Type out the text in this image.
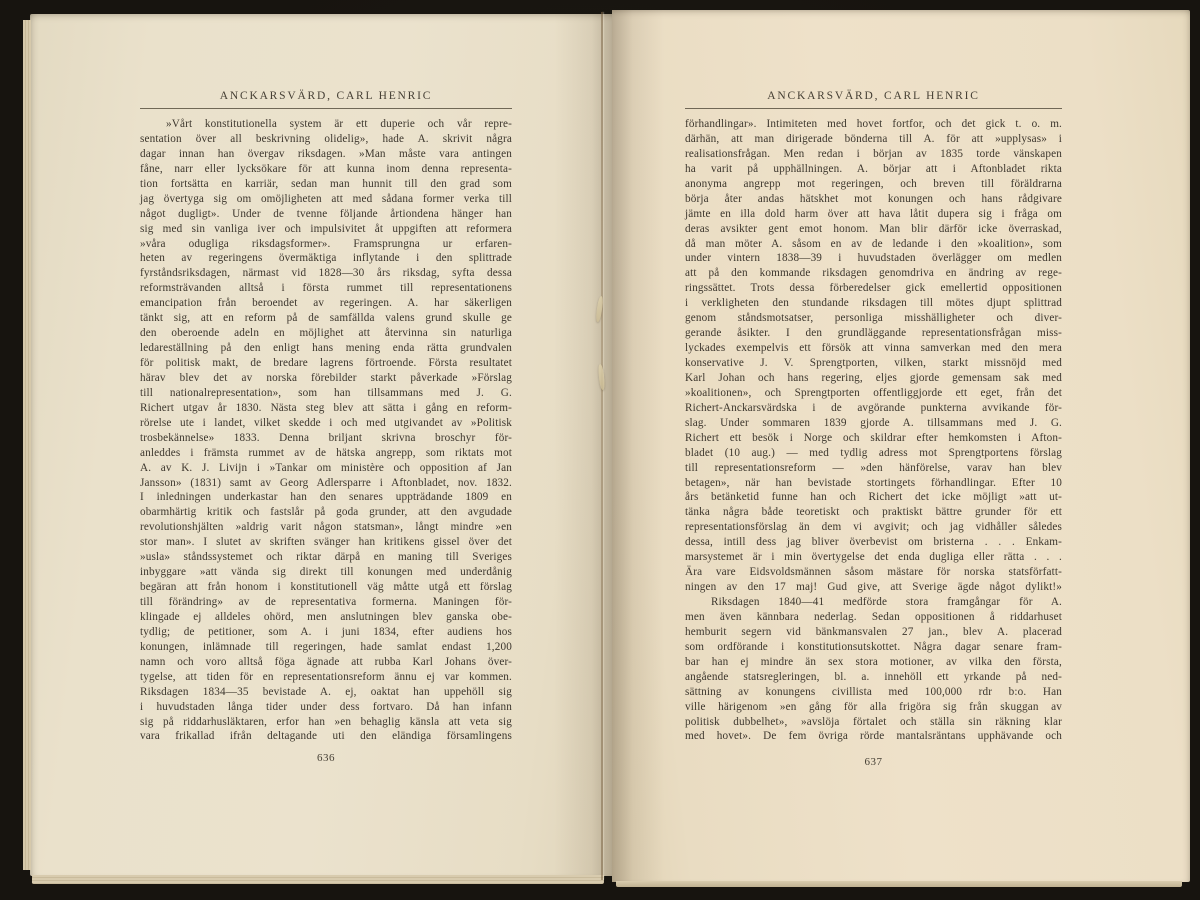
ANCKARSVÄRD, CARL HENRIC
»Vårt konstitutionella system är ett duperie och vår repre-
sentation över all beskrivning olidelig», hade A. skrivit några
dagar innan han övergav riksdagen. »Man måste vara antingen
fåne, narr eller lycksökare för att kunna inom denna representa-
tion fortsätta en karriär, sedan man hunnit till den grad som
jag övertyga sig om omöjligheten att med sådana former verka till
något dugligt». Under de tvenne följande årtiondena hänger han
sig med sin vanliga iver och impulsivitet åt uppgiften att reformera
»våra odugliga riksdagsformer». Framsprungna ur erfaren-
heten av regeringens övermäktiga inflytande i den splittrade
fyrståndsriksdagen, närmast vid 1828—30 års riksdag, syfta dessa
reformsträvanden alltså i första rummet till representationens
emancipation från beroendet av regeringen. A. har säkerligen
tänkt sig, att en reform på de samfällda valens grund skulle ge
den oberoende adeln en möjlighet att återvinna sin naturliga
ledareställning på den enligt hans mening enda rätta grundvalen
för politisk makt, de bredare lagrens förtroende. Första resultatet
härav blev det av norska förebilder starkt påverkade »Förslag
till nationalrepresentation», som han tillsammans med J. G.
Richert utgav år 1830. Nästa steg blev att sätta i gång en reform-
rörelse ute i landet, vilket skedde i och med utgivandet av »Politisk
trosbekännelse» 1833. Denna briljant skrivna broschyr för-
anleddes i främsta rummet av de hätska angrepp, som riktats mot
A. av K. J. Livijn i »Tankar om ministère och opposition af Jan
Jansson» (1831) samt av Georg Adlersparre i Aftonbladet, nov. 1832.
I inledningen underkastar han den senares uppträdande 1809 en
obarmhärtig kritik och fastslår på goda grunder, att den avgudade
revolutionshjälten »aldrig varit någon statsman», långt mindre »en
stor man». I slutet av skriften svänger han kritikens gissel över det
»usla» ståndssystemet och riktar därpå en maning till Sveriges
inbyggare »att vända sig direkt till konungen med underdånig
begäran att från honom i konstitutionell väg måtte utgå ett förslag
till förändring» av de representativa formerna. Maningen för-
klingade ej alldeles ohörd, men anslutningen blev ganska obe-
tydlig; de petitioner, som A. i juni 1834, efter audiens hos
konungen, inlämnade till regeringen, hade samlat endast 1,200
namn och voro alltså föga ägnade att rubba Karl Johans över-
tygelse, att tiden för en representationsreform ännu ej var kommen.
Riksdagen 1834—35 bevistade A. ej, oaktat han uppehöll sig
i huvudstaden långa tider under dess fortvaro. Då han infann
sig på riddarhusläktaren, erfor han »en behaglig känsla att veta sig
vara frikallad ifrån deltagande uti den eländiga församlingens
636
ANCKARSVÄRD, CARL HENRIC
förhandlingar». Intimiteten med hovet fortfor, och det gick t. o. m.
därhän, att man dirigerade bönderna till A. för att »upplysas» i
realisationsfrågan. Men redan i början av 1835 torde vänskapen
ha varit på upphällningen. A. börjar att i Aftonbladet rikta
anonyma angrepp mot regeringen, och breven till föräldrarna
börja åter andas hätskhet mot konungen och hans rådgivare
jämte en illa dold harm över att hava låtit dupera sig i fråga om
deras avsikter gent emot honom. Man blir därför icke överraskad,
då man möter A. såsom en av de ledande i den »koalition», som
under vintern 1838—39 i huvudstaden överlägger om medlen
att på den kommande riksdagen genomdriva en ändring av rege-
ringssättet. Trots dessa förberedelser gick emellertid oppositionen
i verkligheten den stundande riksdagen till mötes djupt splittrad
genom ståndsmotsatser, personliga misshälligheter och diver-
gerande åsikter. I den grundläggande representationsfrågan miss-
lyckades exempelvis ett försök att vinna samverkan med den mera
konservative J. V. Sprengtporten, vilken, starkt missnöjd med
Karl Johan och hans regering, eljes gjorde gemensam sak med
»koalitionen», och Sprengtporten offentliggjorde ett eget, från det
Richert-Anckarsvärdska i de avgörande punkterna avvikande för-
slag. Under sommaren 1839 gjorde A. tillsammans med J. G.
Richert ett besök i Norge och skildrar efter hemkomsten i Afton-
bladet (10 aug.) — med tydlig adress mot Sprengtportens förslag
till representationsreform — »den hänförelse, varav han blev
betagen», när han bevistade stortingets förhandlingar. Efter 10
års betänketid funne han och Richert det icke möjligt »att ut-
tänka några både teoretiskt och praktiskt bättre grunder för ett
representationsförslag än dem vi avgivit; och jag vidhåller således
dessa, intill dess jag bliver överbevist om bristerna . . . Enkam-
marsystemet är i min övertygelse det enda dugliga eller rätta . . .
Ära vare Eidsvoldsmännen såsom mästare för norska statsförfatt-
ningen av den 17 maj! Gud give, att Sverige ägde något dylikt!»
Riksdagen 1840—41 medförde stora framgångar för A.
men även kännbara nederlag. Sedan oppositionen å riddarhuset
hemburit segern vid bänkmansvalen 27 jan., blev A. placerad
som ordförande i konstitutionsutskottet. Några dagar senare fram-
bar han ej mindre än sex stora motioner, av vilka den första,
angående statsregleringen, bl. a. innehöll ett yrkande på ned-
sättning av konungens civillista med 100,000 rdr b:o. Han
ville härigenom »en gång för alla frigöra sig från skuggan av
politisk dubbelhet», »avslöja förtalet och ställa sin räkning klar
med hovet». De fem övriga rörde mantalsräntans upphävande och
637
